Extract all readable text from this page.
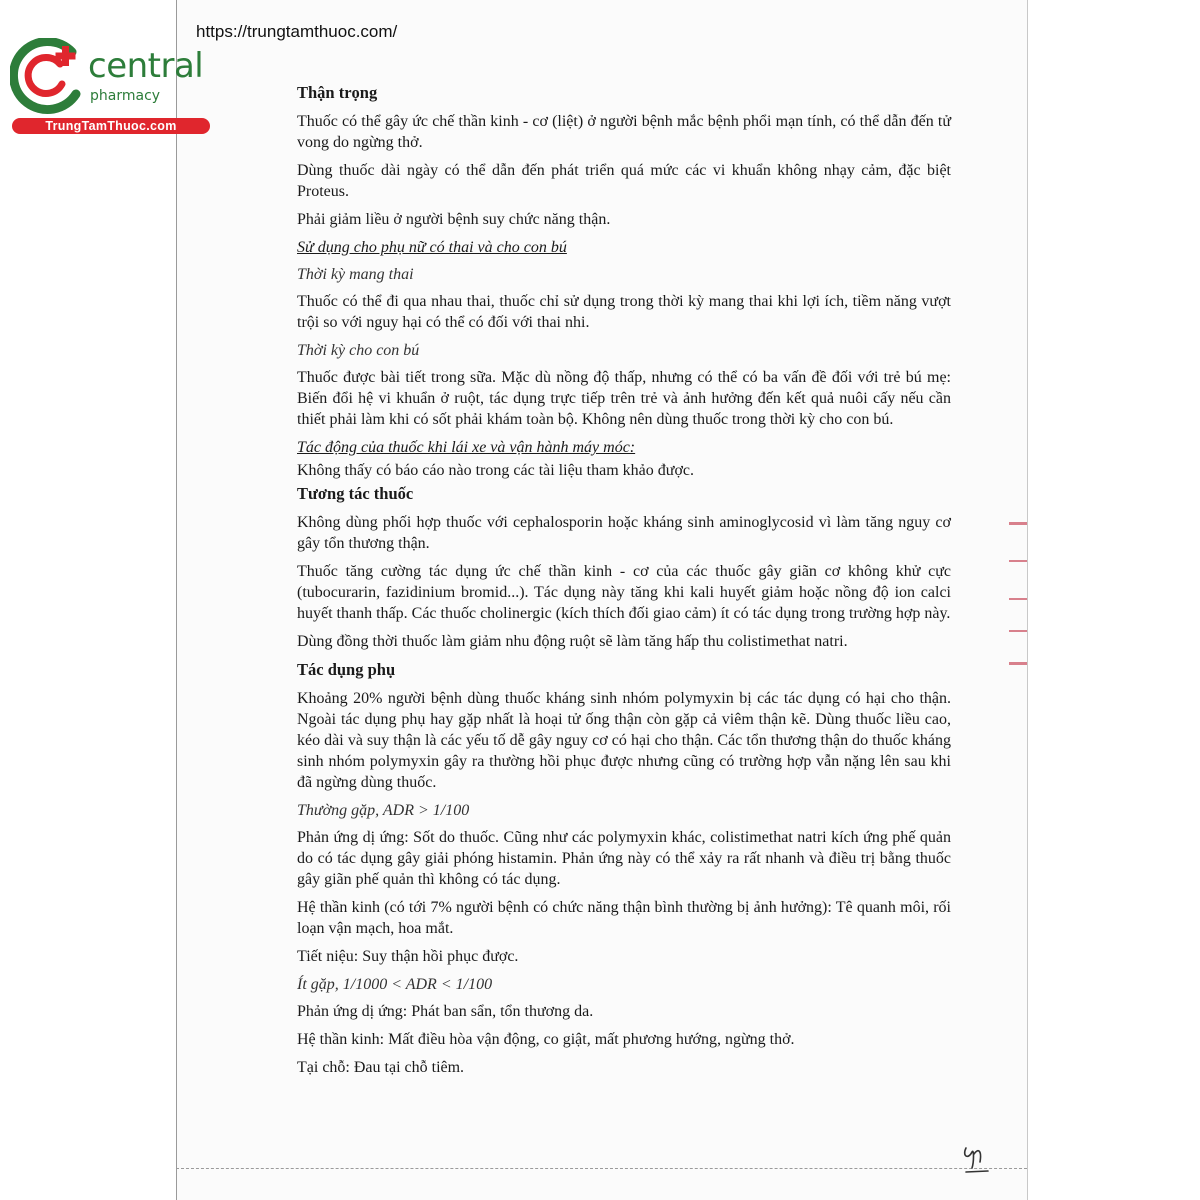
central
pharmacy
TrungTamThuoc.com
https://trungtamthuoc.com/
Thận trọng

Thuốc có thể gây ức chế thần kinh - cơ (liệt) ở người bệnh mắc bệnh phổi mạn tính, có thể dẫn đến tử vong do ngừng thở.

Dùng thuốc dài ngày có thể dẫn đến phát triển quá mức các vi khuẩn không nhạy cảm, đặc biệt Proteus.

Phải giảm liều ở người bệnh suy chức năng thận.

Sử dụng cho phụ nữ có thai và cho con bú

Thời kỳ mang thai

Thuốc có thể đi qua nhau thai, thuốc chỉ sử dụng trong thời kỳ mang thai khi lợi ích, tiềm năng vượt trội so với nguy hại có thể có đối với thai nhi.

Thời kỳ cho con bú

Thuốc được bài tiết trong sữa. Mặc dù nồng độ thấp, nhưng có thể có ba vấn đề đối với trẻ bú mẹ: Biến đổi hệ vi khuẩn ở ruột, tác dụng trực tiếp trên trẻ và ảnh hưởng đến kết quả nuôi cấy nếu cần thiết phải làm khi có sốt phải khám toàn bộ. Không nên dùng thuốc trong thời kỳ cho con bú.

Tác động của thuốc khi lái xe và vận hành máy móc:

Không thấy có báo cáo nào trong các tài liệu tham khảo được.

Tương tác thuốc

Không dùng phối hợp thuốc với cephalosporin hoặc kháng sinh aminoglycosid vì làm tăng nguy cơ gây tổn thương thận.

Thuốc tăng cường tác dụng ức chế thần kinh - cơ của các thuốc gây giãn cơ không khử cực (tubocurarin, fazidinium bromid...). Tác dụng này tăng khi kali huyết giảm hoặc nồng độ ion calci huyết thanh thấp. Các thuốc cholinergic (kích thích đối giao cảm) ít có tác dụng trong trường hợp này.

Dùng đồng thời thuốc làm giảm nhu động ruột sẽ làm tăng hấp thu colistimethat natri.

Tác dụng phụ

Khoảng 20% người bệnh dùng thuốc kháng sinh nhóm polymyxin bị các tác dụng có hại cho thận. Ngoài tác dụng phụ hay gặp nhất là hoại tử ống thận còn gặp cả viêm thận kẽ. Dùng thuốc liều cao, kéo dài và suy thận là các yếu tố dễ gây nguy cơ có hại cho thận. Các tổn thương thận do thuốc kháng sinh nhóm polymyxin gây ra thường hồi phục được nhưng cũng có trường hợp vẫn nặng lên sau khi đã ngừng dùng thuốc.

Thường gặp, ADR > 1/100

Phản ứng dị ứng: Sốt do thuốc. Cũng như các polymyxin khác, colistimethat natri kích ứng phế quản do có tác dụng gây giải phóng histamin. Phản ứng này có thể xảy ra rất nhanh và điều trị bằng thuốc gây giãn phế quản thì không có tác dụng.

Hệ thần kinh (có tới 7% người bệnh có chức năng thận bình thường bị ảnh hưởng): Tê quanh môi, rối loạn vận mạch, hoa mắt.

Tiết niệu: Suy thận hồi phục được.

Ít gặp, 1/1000 < ADR < 1/100

Phản ứng dị ứng: Phát ban sẩn, tổn thương da.

Hệ thần kinh: Mất điều hòa vận động, co giật, mất phương hướng, ngừng thở.

Tại chỗ: Đau tại chỗ tiêm.
